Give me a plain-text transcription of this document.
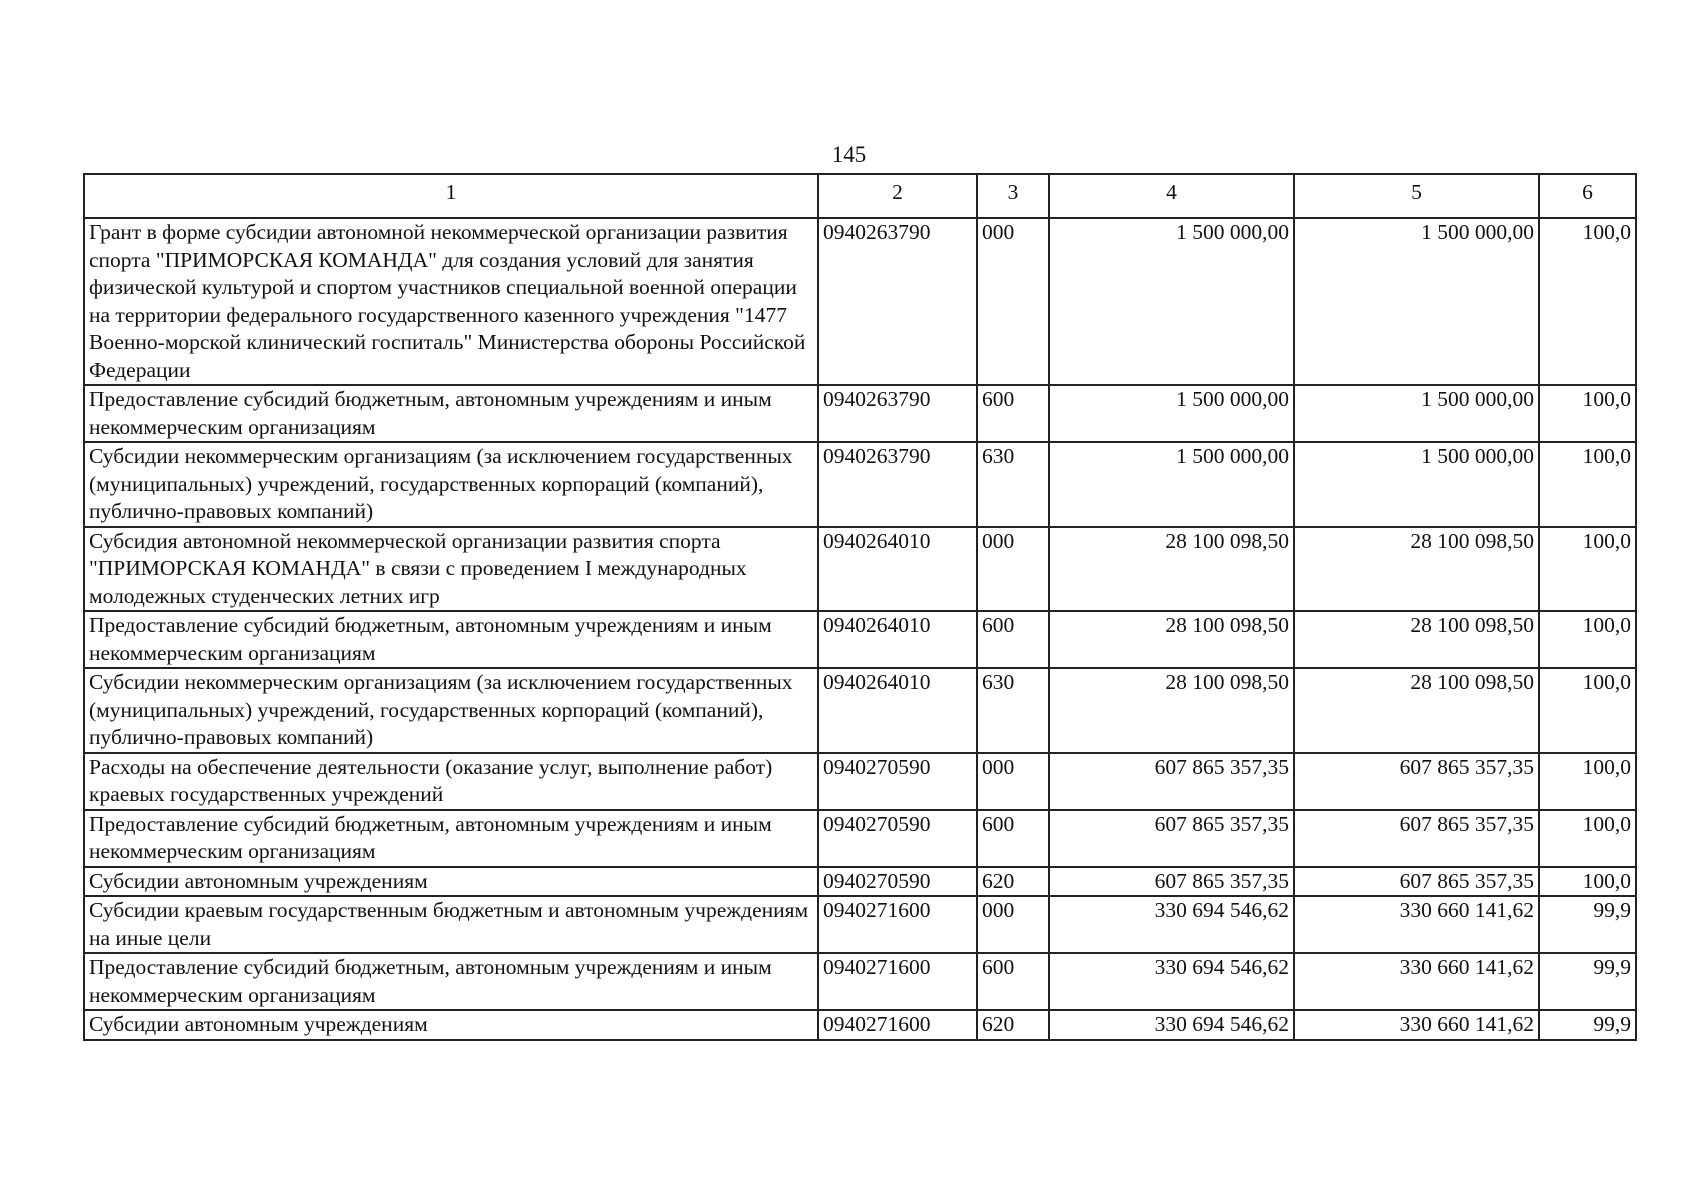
145
1	2	3	4	5	6
Грант в форме субсидии автономной некоммерческой организации развития спорта "ПРИМОРСКАЯ КОМАНДА" для создания условий для занятия физической культурой и спортом участников специальной военной операции на территории федерального государственного казенного учреждения "1477 Военно-морской клинический госпиталь" Министерства обороны Российской Федерации	0940263790	000	1 500 000,00	1 500 000,00	100,0
Предоставление субсидий бюджетным, автономным учреждениям и иным некоммерческим организациям	0940263790	600	1 500 000,00	1 500 000,00	100,0
Субсидии некоммерческим организациям (за исключением государственных (муниципальных) учреждений, государственных корпораций (компаний), публично-правовых компаний)	0940263790	630	1 500 000,00	1 500 000,00	100,0
Субсидия автономной некоммерческой организации развития спорта "ПРИМОРСКАЯ КОМАНДА" в связи с проведением I международных молодежных студенческих летних игр	0940264010	000	28 100 098,50	28 100 098,50	100,0
Предоставление субсидий бюджетным, автономным учреждениям и иным некоммерческим организациям	0940264010	600	28 100 098,50	28 100 098,50	100,0
Субсидии некоммерческим организациям (за исключением государственных (муниципальных) учреждений, государственных корпораций (компаний), публично-правовых компаний)	0940264010	630	28 100 098,50	28 100 098,50	100,0
Расходы на обеспечение деятельности (оказание услуг, выполнение работ) краевых государственных учреждений	0940270590	000	607 865 357,35	607 865 357,35	100,0
Предоставление субсидий бюджетным, автономным учреждениям и иным некоммерческим организациям	0940270590	600	607 865 357,35	607 865 357,35	100,0
Субсидии автономным учреждениям	0940270590	620	607 865 357,35	607 865 357,35	100,0
Субсидии краевым государственным бюджетным и автономным учреждениям на иные цели	0940271600	000	330 694 546,62	330 660 141,62	99,9
Предоставление субсидий бюджетным, автономным учреждениям и иным некоммерческим организациям	0940271600	600	330 694 546,62	330 660 141,62	99,9
Субсидии автономным учреждениям	0940271600	620	330 694 546,62	330 660 141,62	99,9
